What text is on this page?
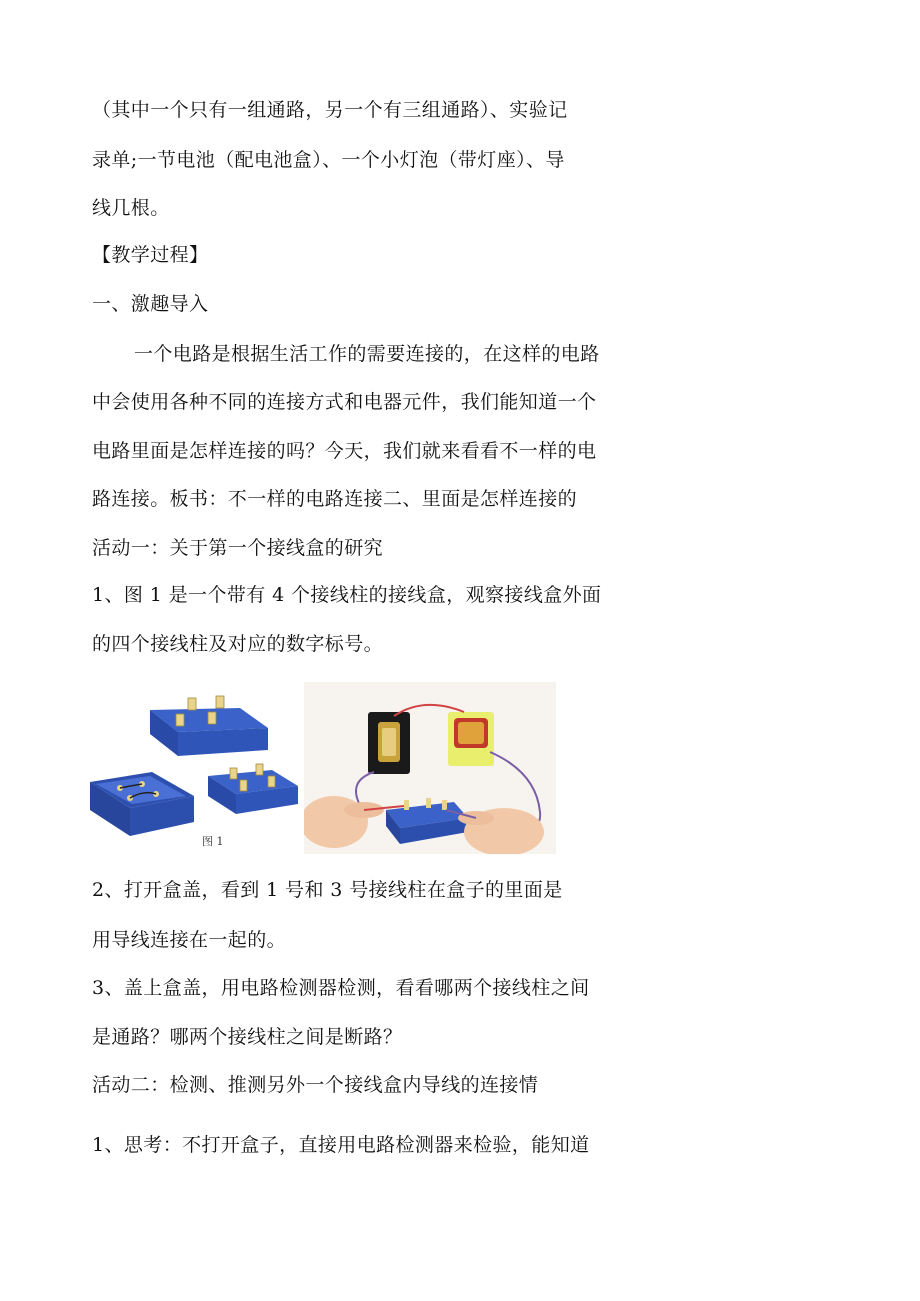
（其中一个只有一组通路，另一个有三组通路）、实验记
录单;一节电池（配电池盒）、一个小灯泡（带灯座）、导
线几根。
【教学过程】
一、激趣导入
一个电路是根据生活工作的需要连接的，在这样的电路
中会使用各种不同的连接方式和电器元件，我们能知道一个
电路里面是怎样连接的吗？今天，我们就来看看不一样的电
路连接。板书：不一样的电路连接二、里面是怎样连接的
活动一：关于第一个接线盒的研究
1、图 1 是一个带有 4 个接线柱的接线盒，观察接线盒外面
的四个接线柱及对应的数字标号。
图 1
2、打开盒盖，看到 1 号和 3 号接线柱在盒子的里面是
用导线连接在一起的。
3、盖上盒盖，用电路检测器检测，看看哪两个接线柱之间
是通路？哪两个接线柱之间是断路？
活动二：检测、推测另外一个接线盒内导线的连接情
1、思考：不打开盒子，直接用电路检测器来检验，能知道
